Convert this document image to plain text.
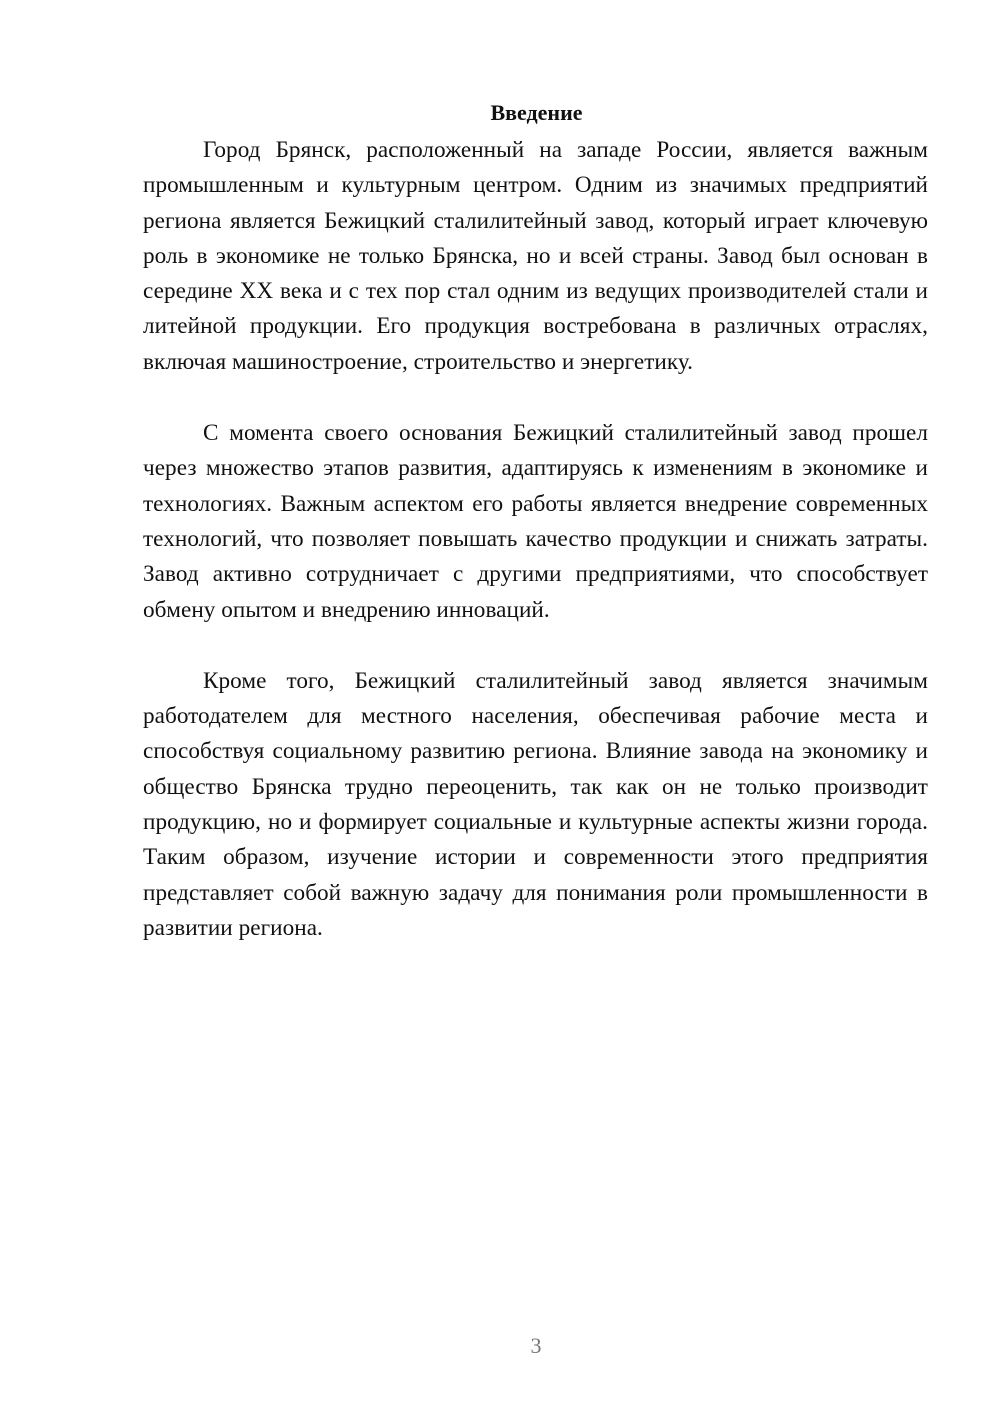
Введение

Город Брянск, расположенный на западе России, является важным промышленным и культурным центром. Одним из значимых предприятий региона является Бежицкий сталилитейный завод, который играет ключевую роль в экономике не только Брянска, но и всей страны. Завод был основан в середине XX века и с тех пор стал одним из ведущих производителей стали и литейной продукции. Его продукция востребована в различных отраслях, включая машиностроение, строительство и энергетику.

С момента своего основания Бежицкий сталилитейный завод прошел через множество этапов развития, адаптируясь к изменениям в экономике и технологиях. Важным аспектом его работы является внедрение современных технологий, что позволяет повышать качество продукции и снижать затраты. Завод активно сотрудничает с другими предприятиями, что способствует обмену опытом и внедрению инноваций.

Кроме того, Бежицкий сталилитейный завод является значимым работодателем для местного населения, обеспечивая рабочие места и способствуя социальному развитию региона. Влияние завода на экономику и общество Брянска трудно переоценить, так как он не только производит продукцию, но и формирует социальные и культурные аспекты жизни города. Таким образом, изучение истории и современности этого предприятия представляет собой важную задачу для понимания роли промышленности в развитии региона.

3
